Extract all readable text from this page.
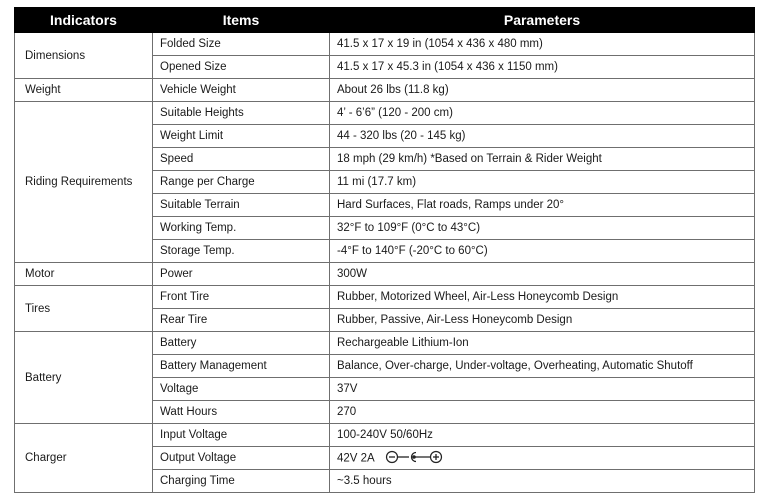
Indicators	Items	Parameters
Dimensions	Folded Size	41.5 x 17 x 19 in (1054 x 436 x 480 mm)
	Opened Size	41.5 x 17 x 45.3 in (1054 x 436 x 1150 mm)
Weight	Vehicle Weight	About 26 lbs (11.8 kg)
Riding Requirements	Suitable Heights	4’ - 6’6” (120 - 200 cm)
	Weight Limit	44 - 320 lbs (20 - 145 kg)
	Speed	18 mph (29 km/h) *Based on Terrain & Rider Weight
	Range per Charge	11 mi (17.7 km)
	Suitable Terrain	Hard Surfaces, Flat roads, Ramps under 20°
	Working Temp.	32°F to 109°F (0°C to 43°C)
	Storage Temp.	-4°F to 140°F (-20°C to 60°C)
Motor	Power	300W
Tires	Front Tire	Rubber, Motorized Wheel, Air-Less Honeycomb Design
	Rear Tire	Rubber, Passive, Air-Less Honeycomb Design
Battery	Battery	Rechargeable Lithium-Ion
	Battery Management	Balance, Over-charge, Under-voltage, Overheating, Automatic Shutoff
	Voltage	37V
	Watt Hours	270
Charger	Input Voltage	100-240V 50/60Hz
	Output Voltage	42V 2A
	Charging Time	~3.5 hours
